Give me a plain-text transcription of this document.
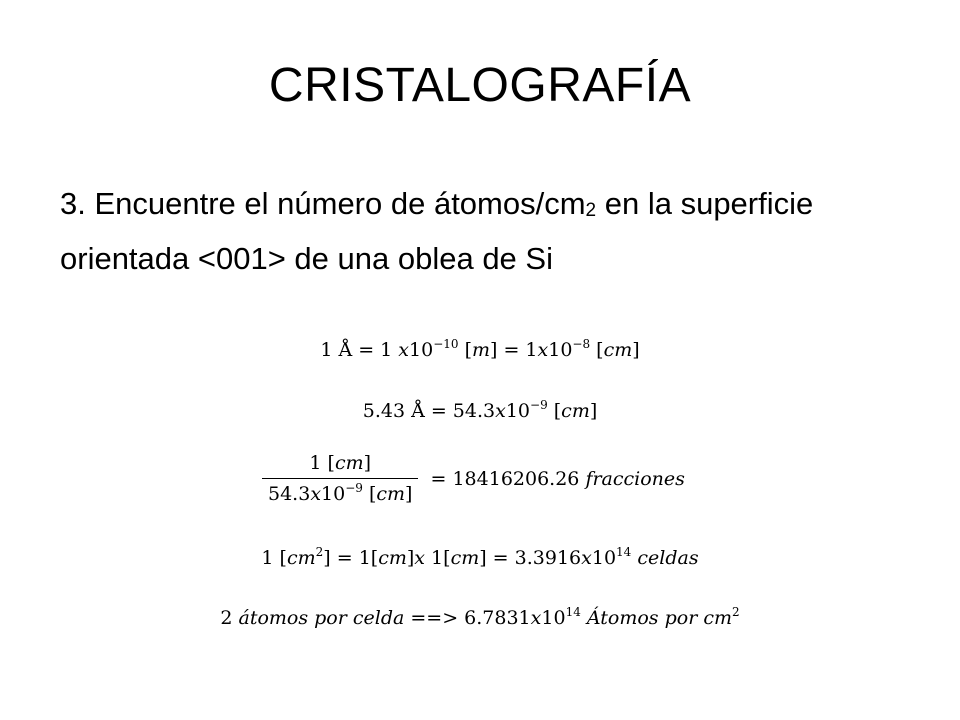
CRISTALOGRAFÍA
3. Encuentre el número de átomos/$cm_2$ en la superficie orientada <001> de una oblea de Si
1 Å = 1 $x10^{-10}$ $[m] = 1x10^{-8}$ [cm]
5.43 Å = $54.3x10^{-9}$ [cm]
$\frac{1 [cm]}{54.3x10^{-9} [cm]} = 18416206.26$ fracciones
1 $[cm^2] = 1[cm]x$ $1[cm] = 3.3916x10^{14}$ celdas
2 átomos por celda ==> $6.7831x10^{14}$ Átomos por $cm^2$
